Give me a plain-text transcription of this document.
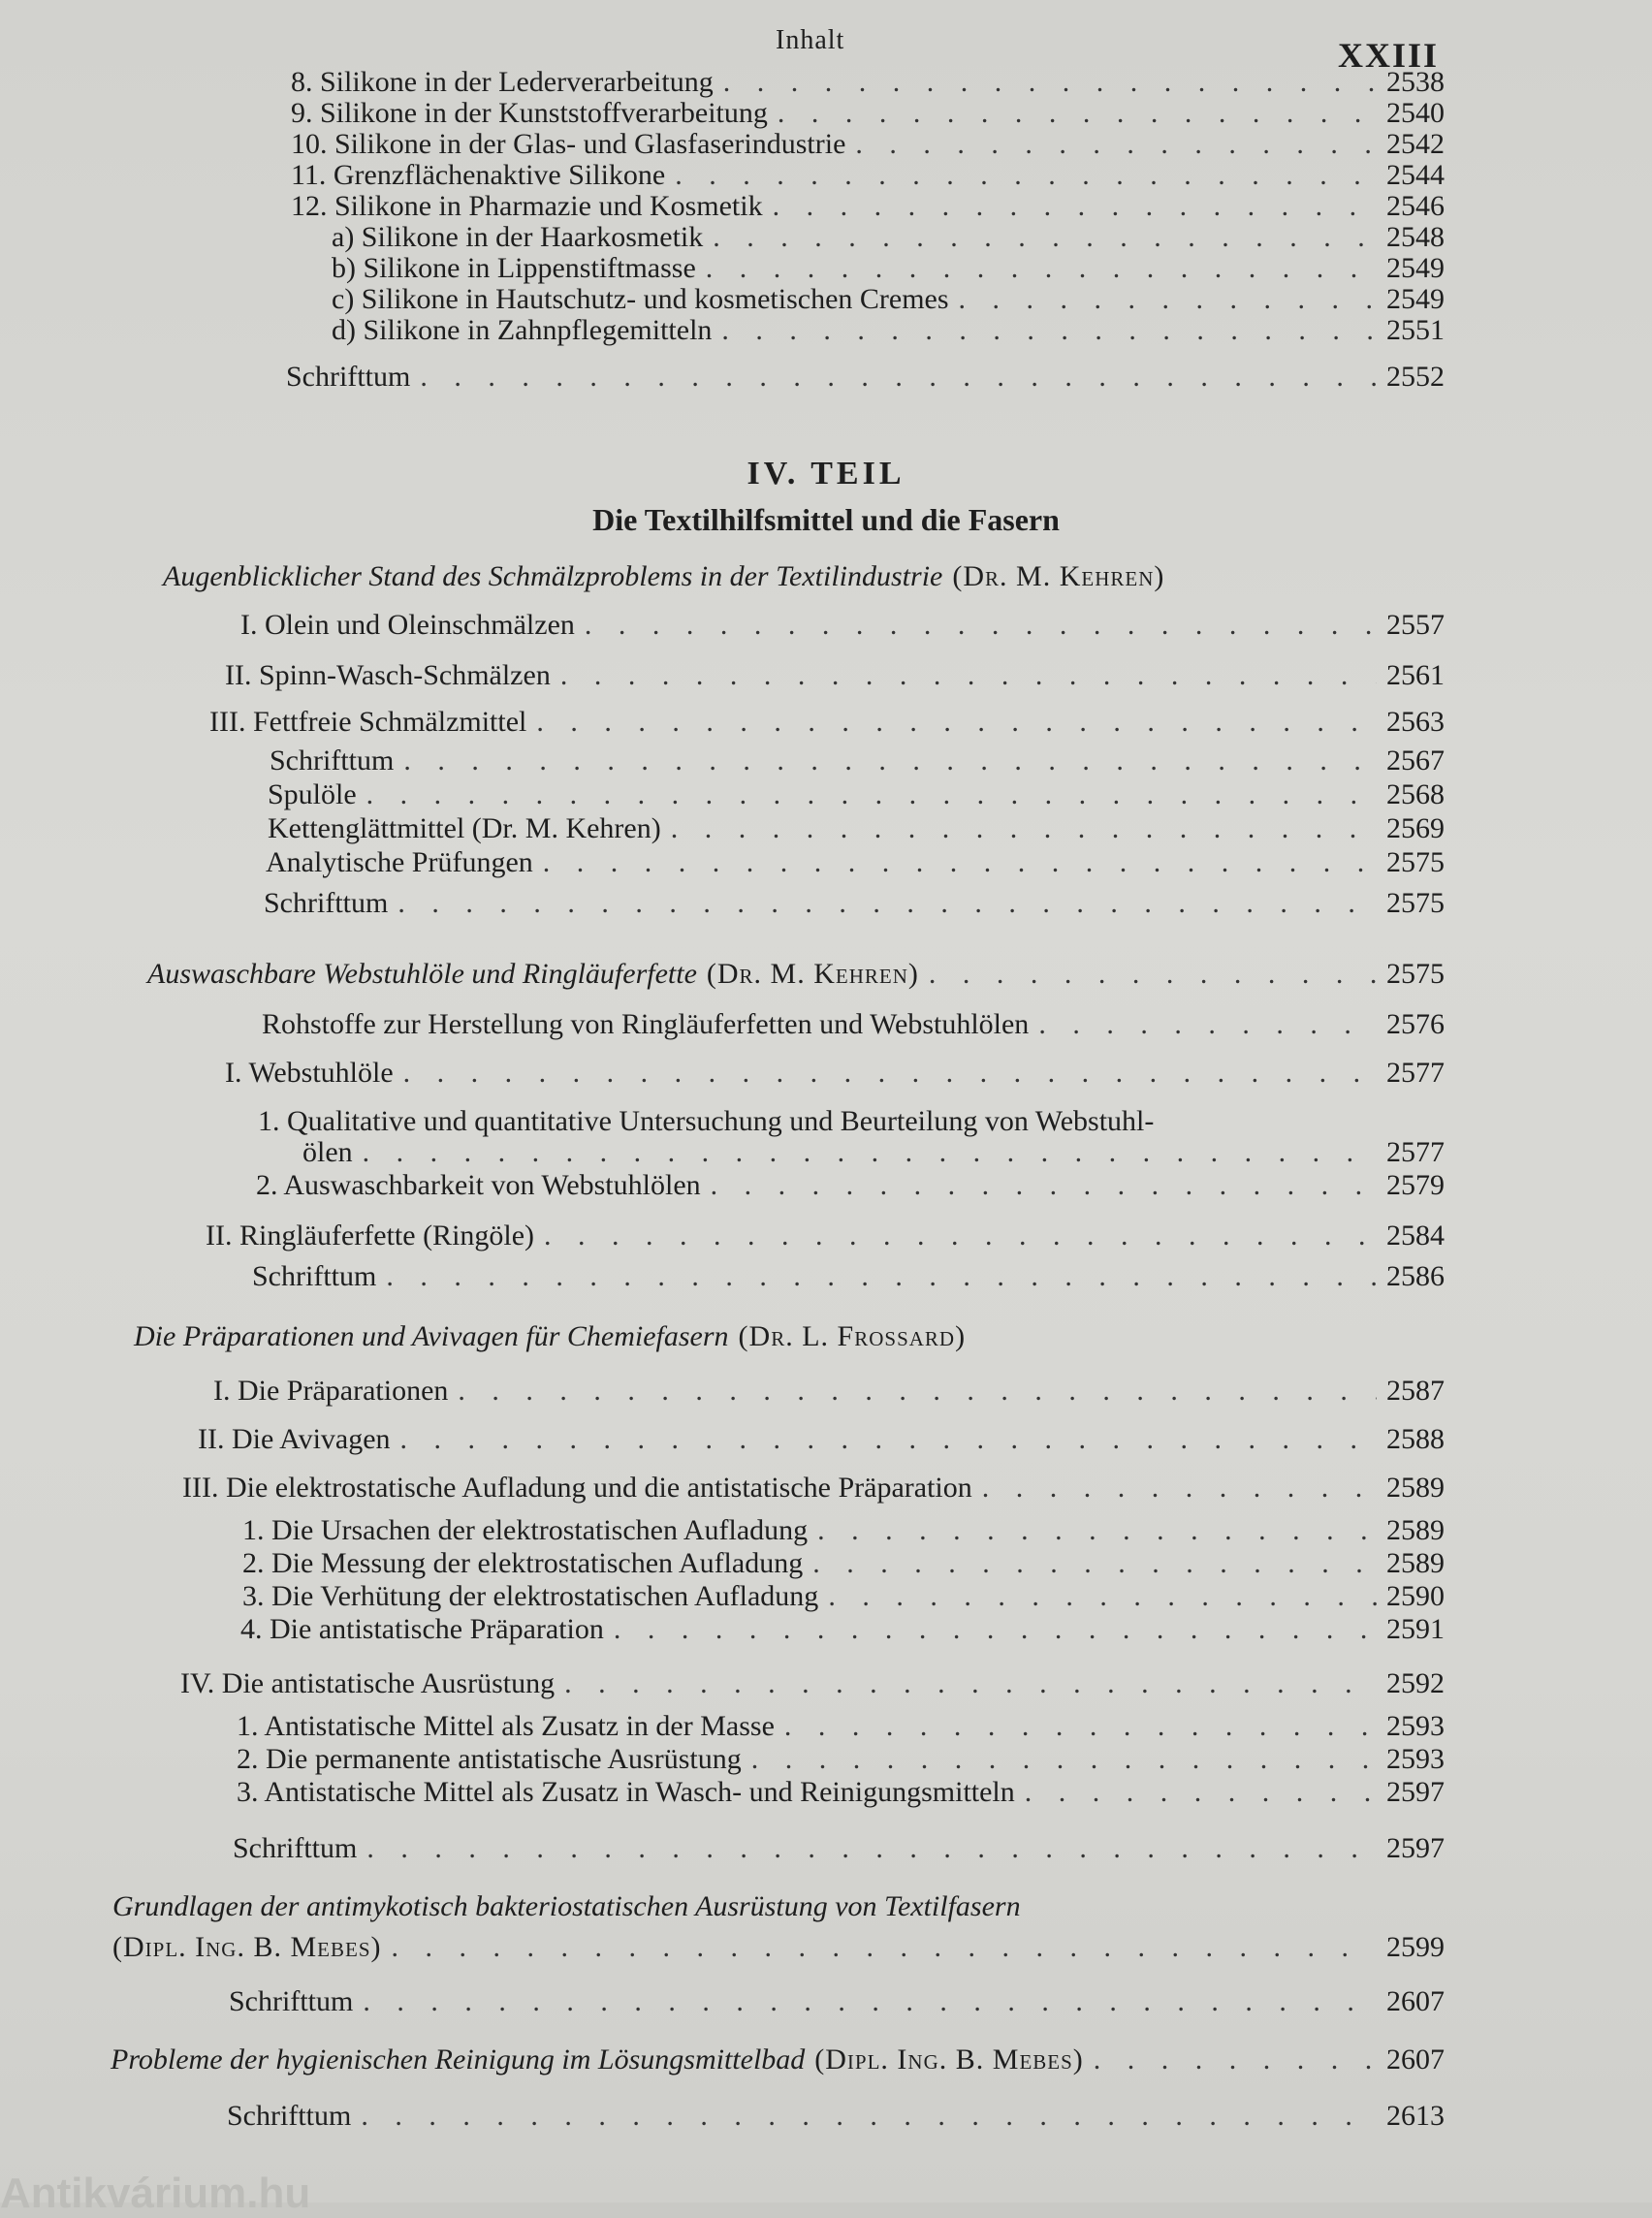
Inhalt	XXIII
8. Silikone in der Lederverarbeitung . . .	2538
9. Silikone in der Kunststoffverarbeitung . . .	2540
10. Silikone in der Glas- und Glasfaserindustrie . . .	2542
11. Grenzflächenaktive Silikone . . .	2544
12. Silikone in Pharmazie und Kosmetik . . .	2546
a) Silikone in der Haarkosmetik . . .	2548
b) Silikone in Lippenstiftmasse . . .	2549
c) Silikone in Hautschutz- und kosmetischen Cremes . . .	2549
d) Silikone in Zahnpflegemitteln . . .	2551
Schrifttum . . .	2552
IV. TEIL
Die Textilhilfsmittel und die Fasern
Augenblicklicher Stand des Schmälzproblems in der Textilindustrie (Dr. M. Kehren)
I. Olein und Oleinschmälzen . . .	2557
II. Spinn-Wasch-Schmälzen . . .	2561
III. Fettfreie Schmälzmittel . . .	2563
Schrifttum . . .	2567
Spulöle . . .	2568
Kettenglättmittel (Dr. M. Kehren) . . .	2569
Analytische Prüfungen . . .	2575
Schrifttum . . .	2575
Auswaschbare Webstuhlöle und Ringläuferfette (Dr. M. Kehren) . . .	2575
Rohstoffe zur Herstellung von Ringläuferfetten und Webstuhlölen . . .	2576
I. Webstuhlöle . . .	2577
1. Qualitative und quantitative Untersuchung und Beurteilung von Webstuhl-
ölen . . .	2577
2. Auswaschbarkeit von Webstuhlölen . . .	2579
II. Ringläuferfette (Ringöle) . . .	2584
Schrifttum . . .	2586
Die Präparationen und Avivagen für Chemiefasern (Dr. L. Frossard)
I. Die Präparationen . . .	2587
II. Die Avivagen . . .	2588
III. Die elektrostatische Aufladung und die antistatische Präparation . . .	2589
1. Die Ursachen der elektrostatischen Aufladung . . .	2589
2. Die Messung der elektrostatischen Aufladung . . .	2589
3. Die Verhütung der elektrostatischen Aufladung . . .	2590
4. Die antistatische Präparation . . .	2591
IV. Die antistatische Ausrüstung . . .	2592
1. Antistatische Mittel als Zusatz in der Masse . . .	2593
2. Die permanente antistatische Ausrüstung . . .	2593
3. Antistatische Mittel als Zusatz in Wasch- und Reinigungsmitteln . . .	2597
Schrifttum . . .	2597
Grundlagen der antimykotisch bakteriostatischen Ausrüstung von Textilfasern
(Dipl. Ing. B. Mebes) . . .	2599
Schrifttum . . .	2607
Probleme der hygienischen Reinigung im Lösungsmittelbad (Dipl. Ing. B. Mebes) . . .	2607
Schrifttum . . .	2613
Antikvárium.hu
